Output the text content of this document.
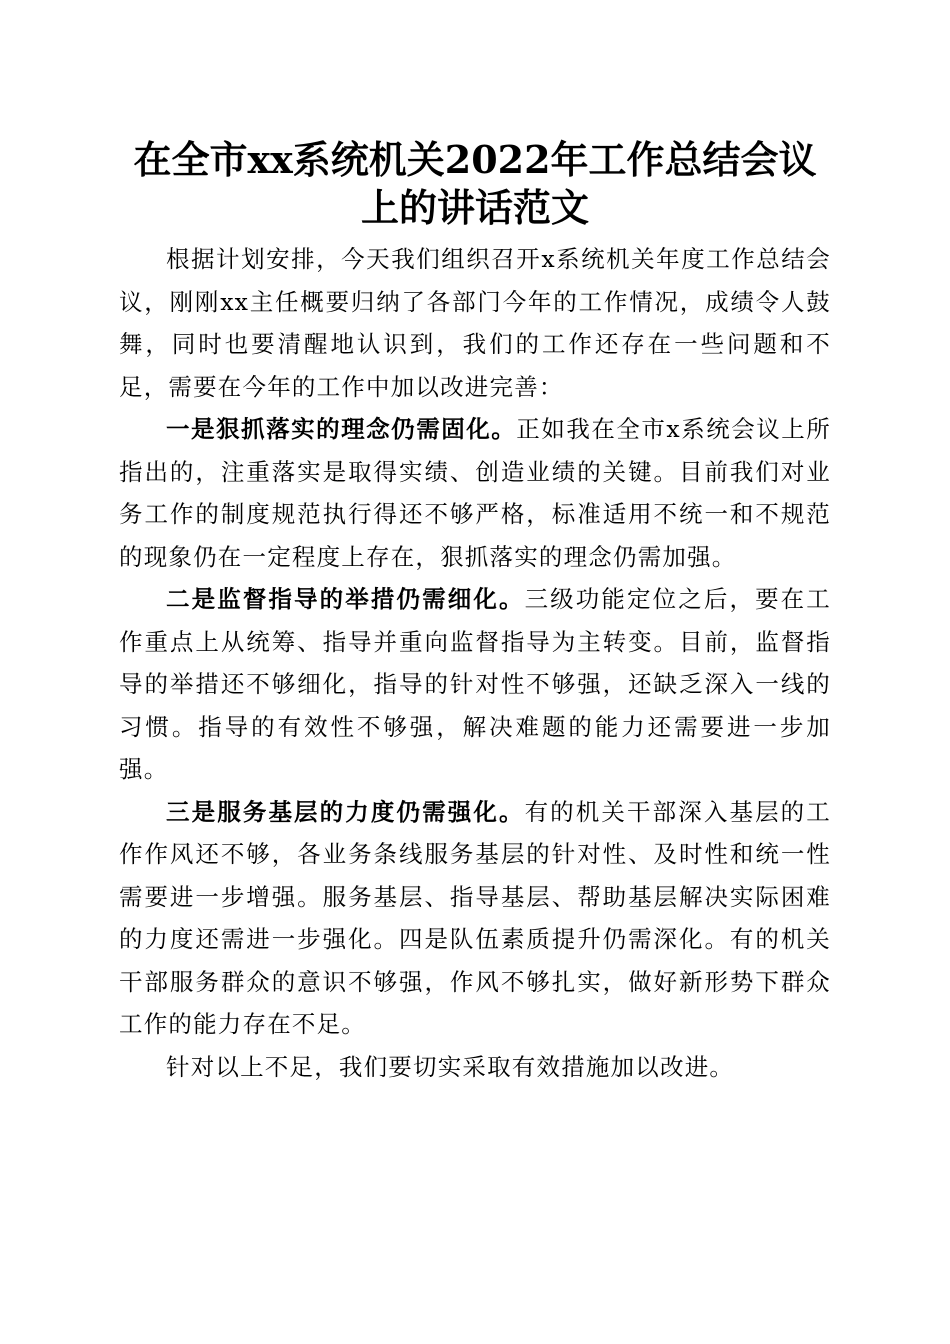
在全市xx系统机关2022年工作总结会议上的讲话范文

根据计划安排，今天我们组织召开x系统机关年度工作总结会议，刚刚xx主任概要归纳了各部门今年的工作情况，成绩令人鼓舞，同时也要清醒地认识到，我们的工作还存在一些问题和不足，需要在今年的工作中加以改进完善：

一是狠抓落实的理念仍需固化。正如我在全市x系统会议上所指出的，注重落实是取得实绩、创造业绩的关键。目前我们对业务工作的制度规范执行得还不够严格，标准适用不统一和不规范的现象仍在一定程度上存在，狠抓落实的理念仍需加强。

二是监督指导的举措仍需细化。三级功能定位之后，要在工作重点上从统筹、指导并重向监督指导为主转变。目前，监督指导的举措还不够细化，指导的针对性不够强，还缺乏深入一线的习惯。指导的有效性不够强，解决难题的能力还需要进一步加强。

三是服务基层的力度仍需强化。有的机关干部深入基层的工作作风还不够，各业务条线服务基层的针对性、及时性和统一性需要进一步增强。服务基层、指导基层、帮助基层解决实际困难的力度还需进一步强化。四是队伍素质提升仍需深化。有的机关干部服务群众的意识不够强，作风不够扎实，做好新形势下群众工作的能力存在不足。

针对以上不足，我们要切实采取有效措施加以改进。
